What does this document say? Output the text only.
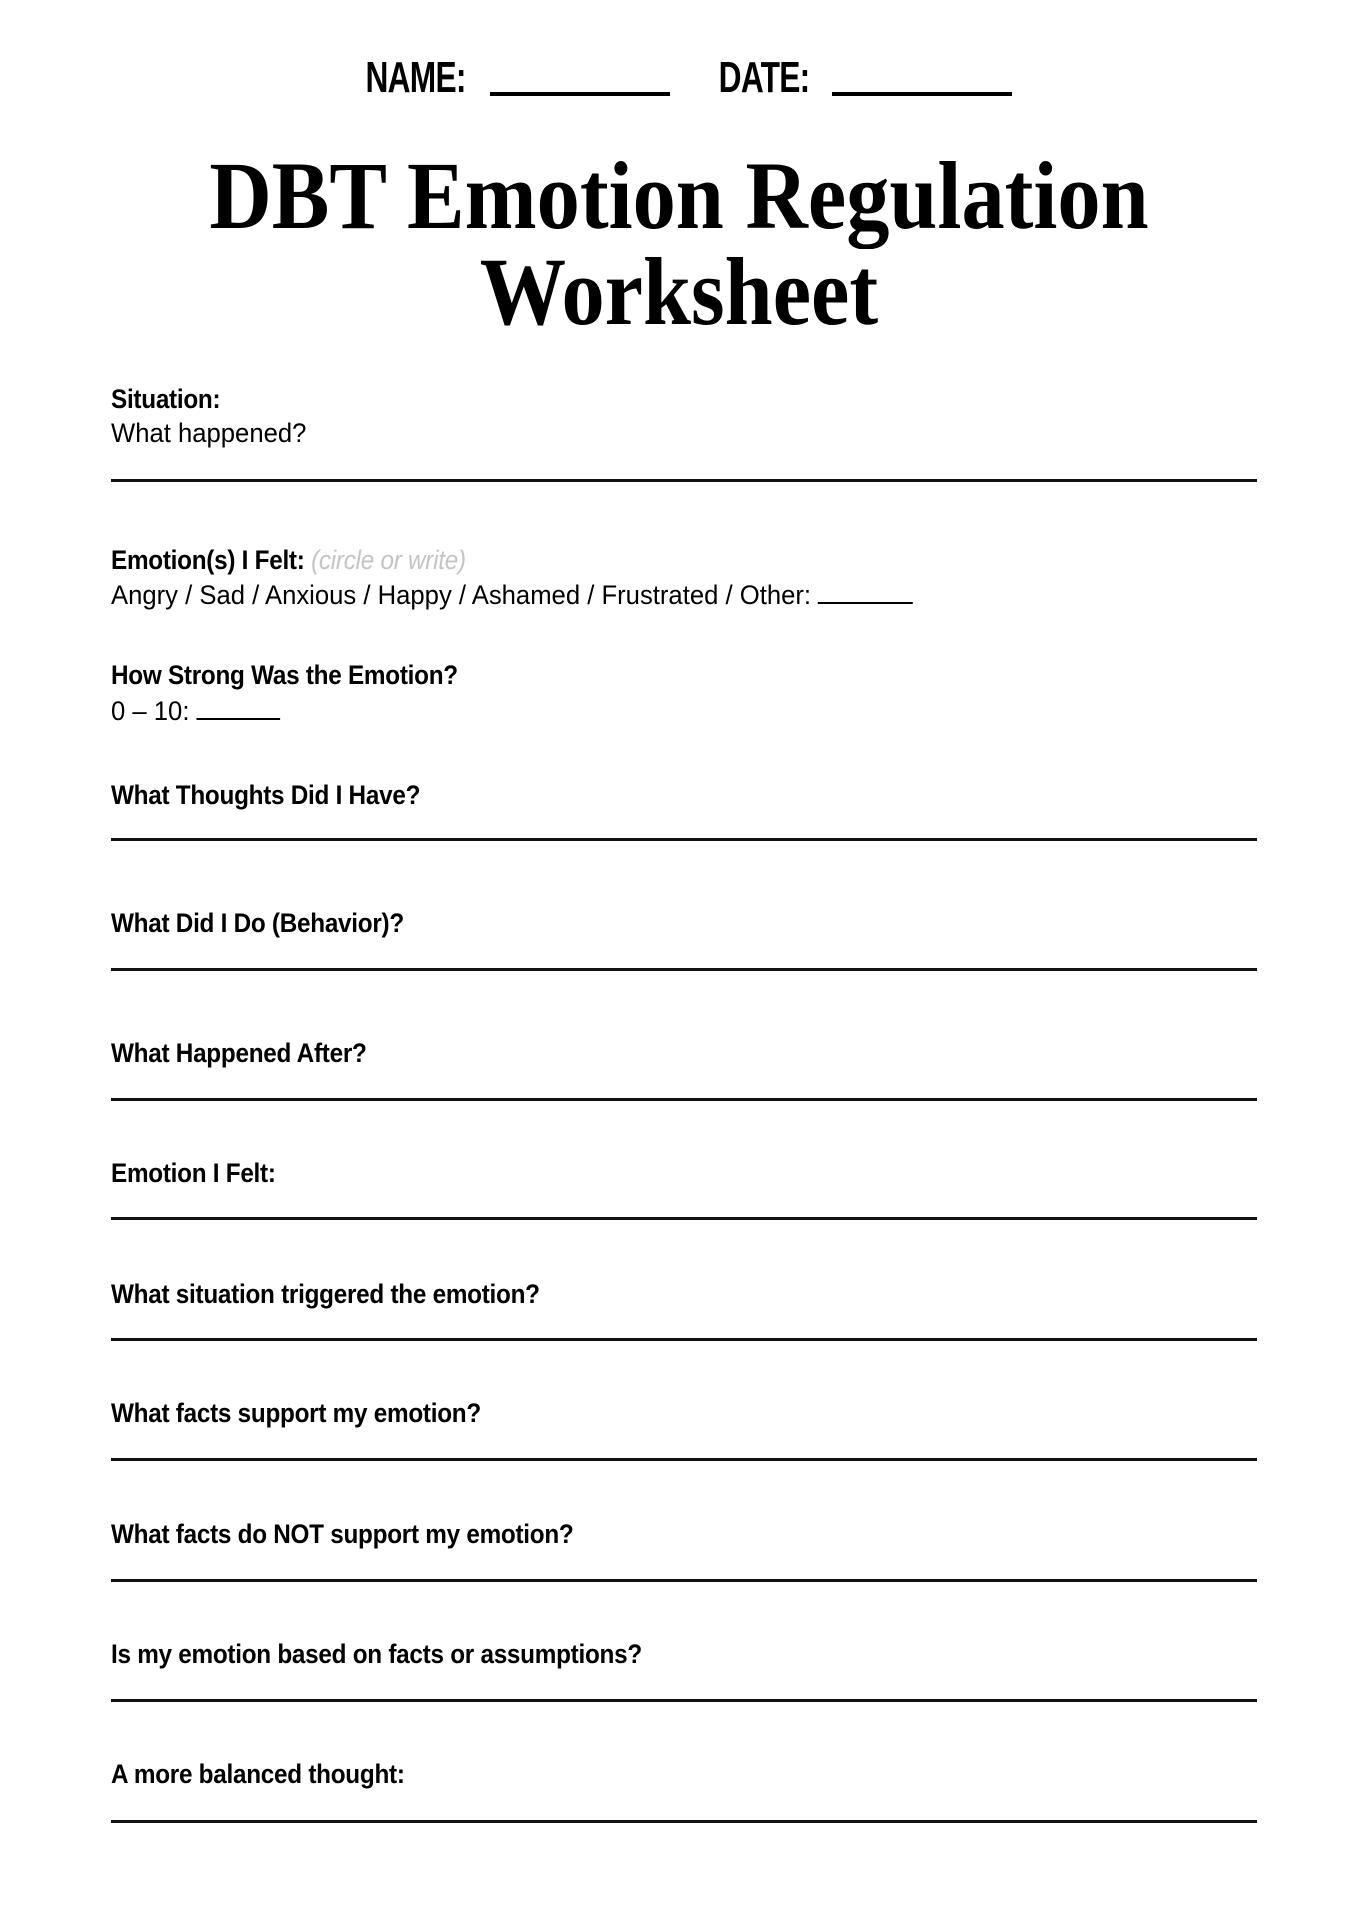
NAME:	DATE:
DBT Emotion Regulation
Worksheet
Situation:
What happened?
Emotion(s) I Felt: (circle or write)
Angry / Sad / Anxious / Happy / Ashamed / Frustrated / Other:
How Strong Was the Emotion?
0 – 10:
What Thoughts Did I Have?
What Did I Do (Behavior)?
What Happened After?
Emotion I Felt:
What situation triggered the emotion?
What facts support my emotion?
What facts do NOT support my emotion?
Is my emotion based on facts or assumptions?
A more balanced thought:
